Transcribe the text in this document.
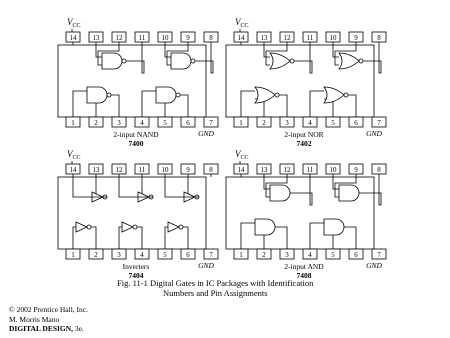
$V_{CC}$
14 13 12 11 10	9	8
1	2	3	4	5	6	7
GND
2-input NAND
7400
$V_{CC}$
14 13 12 11 10	9	8
1	2	3	4	5	6	7
GND
2-input NOR
7402
$V_{CC}$
14 13 12 11 10	9	8
1	2	3	4	5	6	7
GND
Inverters
7404
$V_{CC}$
14 13 12 11 10	9	8
1	2	3	4	5	6	7
GND
2-input AND
7408
Fig. 11-1 Digital Gates in IC Packages with Identification
Numbers and Pin Assignments
© 2002 Prentice Hall, Inc.
M. Morris Mano
DIGITAL DESIGN, 3e.
